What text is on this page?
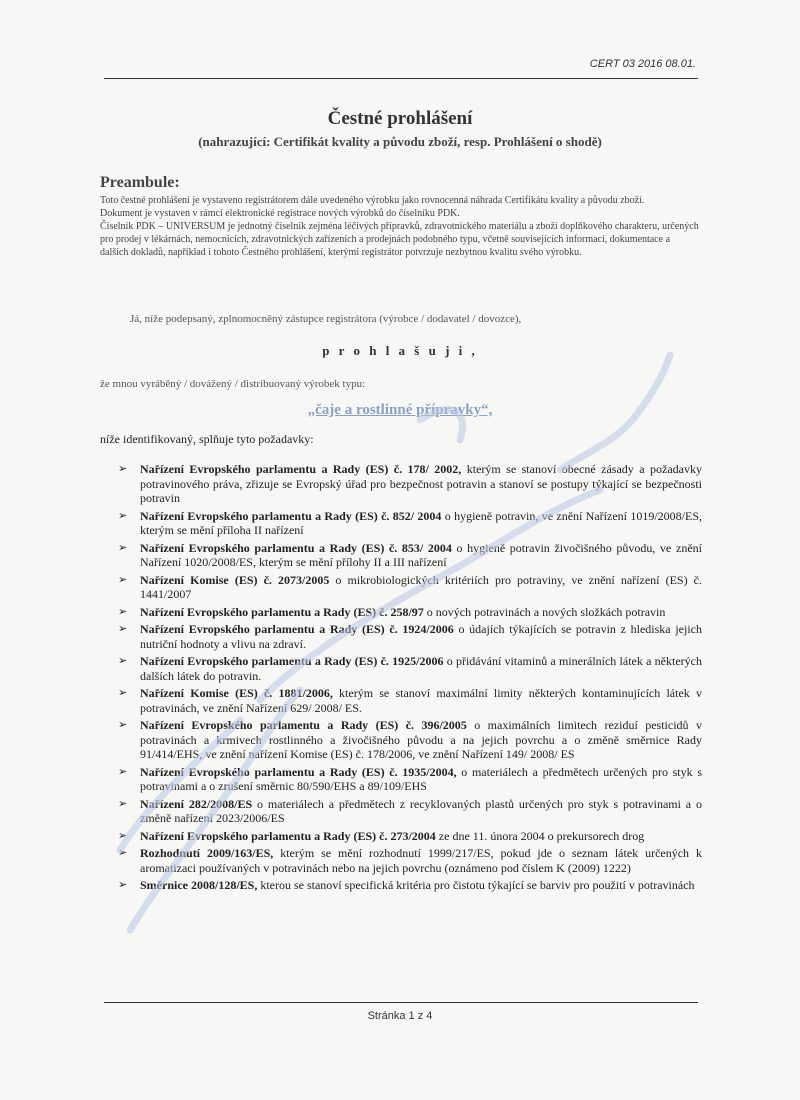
CERT 03 2016 08.01.
Čestné prohlášení
(nahrazující: Certifikát kvality a původu zboží, resp. Prohlášení o shodě)
Preambule:

Toto čestné prohlášení je vystaveno registrátorem dále uvedeného výrobku jako rovnocenná náhrada Certifikátu kvality a původu zboží.

Dokument je vystaven v rámci elektronické registrace nových výrobků do číselníku PDK.

Číselník PDK – UNIVERSUM je jednotný číselník zejména léčivých přípravků, zdravotnického materiálu a zboží doplňkového charakteru, určených pro prodej v lékárnách, nemocnicích, zdravotnických zařízeních a prodejnách podobného typu, včetně souvisejících informací, dokumentace a dalších dokladů, například i tohoto Čestného prohlášení, kterými registrátor potvrzuje nezbytnou kvalitu svého výrobku.

Já, níže podepsaný, zplnomocněný zástupce registrátora (výrobce / dodavatel / dovozce),
p r o h l a š u j i ,
že mnou vyráběný / dovážený / distribuovaný výrobek typu:
„čaje a rostlinné přípravky“,
níže identifikovaný, splňuje tyto požadavky:
➢ Nařízení Evropského parlamentu a Rady (ES) č. 178/ 2002, kterým se stanoví obecné zásady a požadavky potravinového práva, zřizuje se Evropský úřad pro bezpečnost potravin a stanoví se postupy týkající se bezpečnosti potravin
➢ Nařízení Evropského parlamentu a Rady (ES) č. 852/ 2004 o hygieně potravin, ve znění Nařízení 1019/2008/ES, kterým se mění příloha II nařízení
➢ Nařízení Evropského parlamentu a Rady (ES) č. 853/ 2004 o hygieně potravin živočišného původu, ve znění Nařízení 1020/2008/ES, kterým se mění přílohy II a III nařízení
➢ Nařízení Komise (ES) č. 2073/2005 o mikrobiologických kritériích pro potraviny, ve znění nařízení (ES) č. 1441/2007
➢ Nařízení Evropského parlamentu a Rady (ES) č. 258/97 o nových potravinách a nových složkách potravin
➢ Nařízení Evropského parlamentu a Rady (ES) č. 1924/2006 o údajích týkajících se potravin z hlediska jejich nutriční hodnoty a vlivu na zdraví.
➢ Nařízení Evropského parlamentu a Rady (ES) č. 1925/2006 o přidávání vitaminů a minerálních látek a některých dalších látek do potravin.
➢ Nařízení Komise (ES) č. 1881/2006, kterým se stanoví maximální limity některých kontaminujících látek v potravinách, ve znění Nařízení 629/ 2008/ ES.
➢ Nařízení Evropského parlamentu a Rady (ES) č. 396/2005 o maximálních limitech reziduí pesticidů v potravinách a krmivech rostlinného a živočišného původu a na jejich povrchu a o změně směrnice Rady 91/414/EHS, ve znění nařízení Komise (ES) č. 178/2006, ve znění Nařízení 149/ 2008/ ES
➢ Nařízení Evropského parlamentu a Rady (ES) č. 1935/2004, o materiálech a předmětech určených pro styk s potravinami a o zrušení směrnic 80/590/EHS a 89/109/EHS
➢ Nařízení 282/2008/ES o materiálech a předmětech z recyklovaných plastů určených pro styk s potravinami a o změně nařízení 2023/2006/ES
➢ Nařízení Evropského parlamentu a Rady (ES) č. 273/2004 ze dne 11. února 2004 o prekursorech drog
➢ Rozhodnutí 2009/163/ES, kterým se mění rozhodnutí 1999/217/ES, pokud jde o seznam látek určených k aromatizaci používaných v potravinách nebo na jejich povrchu (oznámeno pod číslem K (2009) 1222)
➢ Směrnice 2008/128/ES, kterou se stanoví specifická kritéria pro čistotu týkající se barviv pro použití v potravinách
Stránka 1 z 4
